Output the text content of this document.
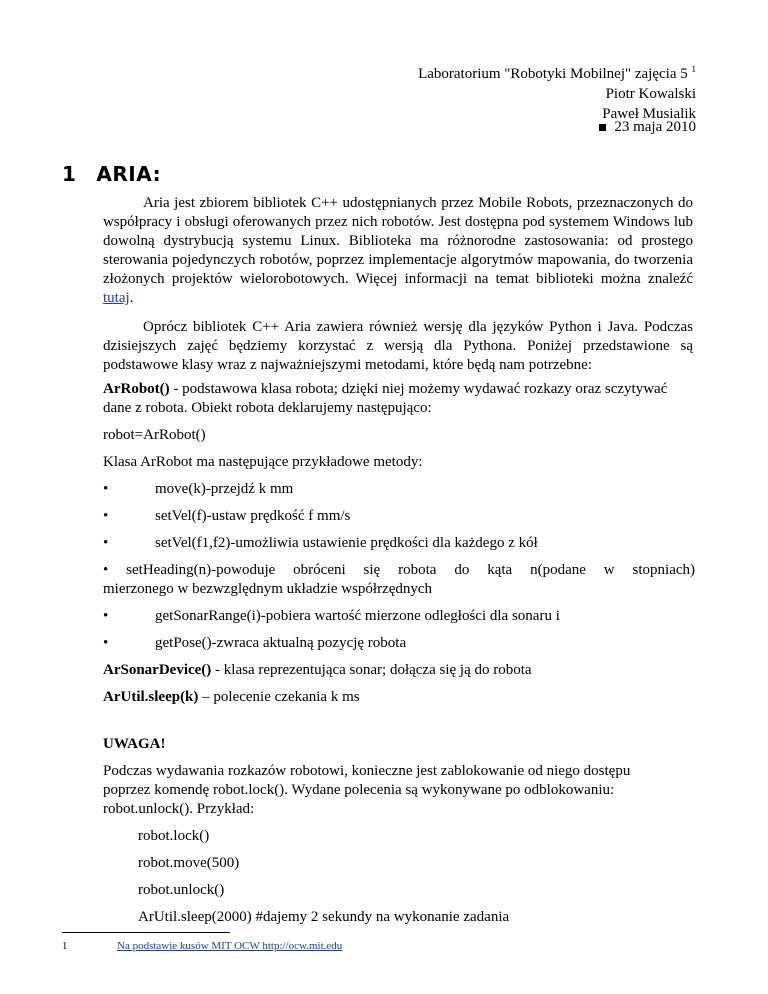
Laboratorium "Robotyki Mobilnej" zajęcia 5 $^1$
Piotr Kowalski
Paweł Musialik
23 maja 2010
1 ARIA:
Aria jest zbiorem bibliotek C++ udostępnianych przez Mobile Robots, przeznaczonych do współpracy i obsługi oferowanych przez nich robotów. Jest dostępna pod systemem Windows lub dowolną dystrybucją systemu Linux. Biblioteka ma różnorodne zastosowania: od prostego sterowania pojedynczych robotów, poprzez implementacje algorytmów mapowania, do tworzenia złożonych projektów wielorobotowych. Więcej informacji na temat biblioteki można znaleźć tutaj.
Oprócz bibliotek C++ Aria zawiera również wersję dla języków Python i Java. Podczas dzisiejszych zajęć będziemy korzystać z wersją dla Pythona. Poniżej przedstawione są podstawowe klasy wraz z najważniejszymi metodami, które będą nam potrzebne:
ArRobot() - podstawowa klasa robota; dzięki niej możemy wydawać rozkazy oraz sczytywać
dane z robota. Obiekt robota deklarujemy następująco:
robot=ArRobot()
Klasa ArRobot ma następujące przykładowe metody:
•	move(k)-przejdź k mm
•	setVel(f)-ustaw prędkość f mm/s
•	setVel(f1,f2)-umożliwia ustawienie prędkości dla każdego z kół
• setHeading(n)-powoduje obróceni się robota do kąta n(podane w stopniach)
mierzonego w bezwzględnym układzie współrzędnych
•	getSonarRange(i)-pobiera wartość mierzone odległości dla sonaru i
•	getPose()-zwraca aktualną pozycję robota
ArSonarDevice() - klasa reprezentująca sonar; dołącza się ją do robota
ArUtil.sleep(k) – polecenie czekania k ms
UWAGA!
Podczas wydawania rozkazów robotowi, konieczne jest zablokowanie od niego dostępu
poprzez komendę robot.lock(). Wydane polecenia są wykonywane po odblokowaniu:
robot.unlock(). Przykład:
robot.lock()
robot.move(500)
robot.unlock()
1	Na podstawie kusów MIT OCW http://ocw.mit.edu
ArUtil.sleep(2000) #dajemy 2 sekundy na wykonanie zadania
